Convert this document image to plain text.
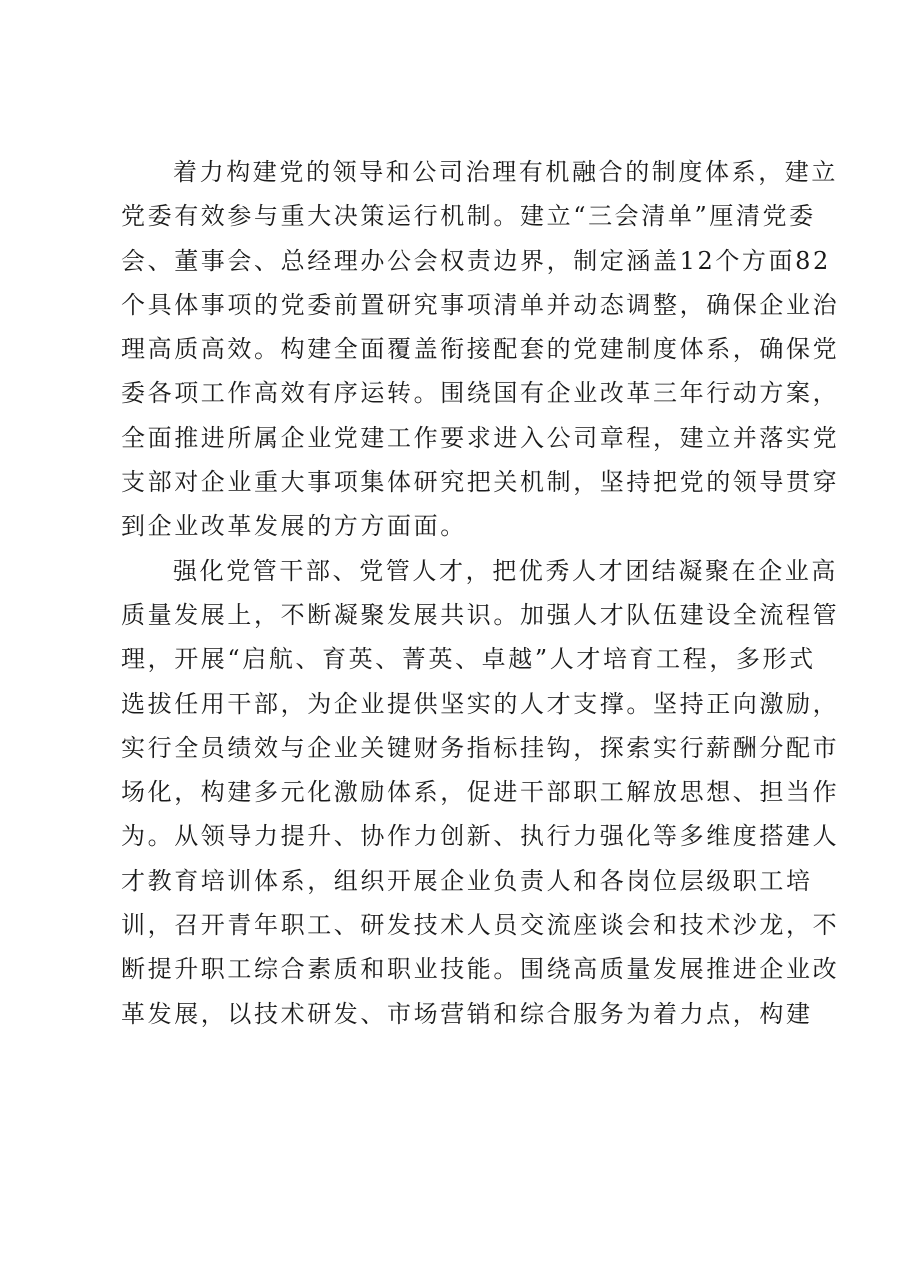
着力构建党的领导和公司治理有机融合的制度体系，建立
党委有效参与重大决策运行机制。建立“三会清单”厘清党委
会、董事会、总经理办公会权责边界，制定涵盖12个方面82
个具体事项的党委前置研究事项清单并动态调整，确保企业治
理高质高效。构建全面覆盖衔接配套的党建制度体系，确保党
委各项工作高效有序运转。围绕国有企业改革三年行动方案，
全面推进所属企业党建工作要求进入公司章程，建立并落实党
支部对企业重大事项集体研究把关机制，坚持把党的领导贯穿
到企业改革发展的方方面面。
强化党管干部、党管人才，把优秀人才团结凝聚在企业高
质量发展上，不断凝聚发展共识。加强人才队伍建设全流程管
理，开展“启航、育英、菁英、卓越”人才培育工程，多形式
选拔任用干部，为企业提供坚实的人才支撑。坚持正向激励，
实行全员绩效与企业关键财务指标挂钩，探索实行薪酬分配市
场化，构建多元化激励体系，促进干部职工解放思想、担当作
为。从领导力提升、协作力创新、执行力强化等多维度搭建人
才教育培训体系，组织开展企业负责人和各岗位层级职工培
训，召开青年职工、研发技术人员交流座谈会和技术沙龙，不
断提升职工综合素质和职业技能。围绕高质量发展推进企业改
革发展，以技术研发、市场营销和综合服务为着力点，构建
